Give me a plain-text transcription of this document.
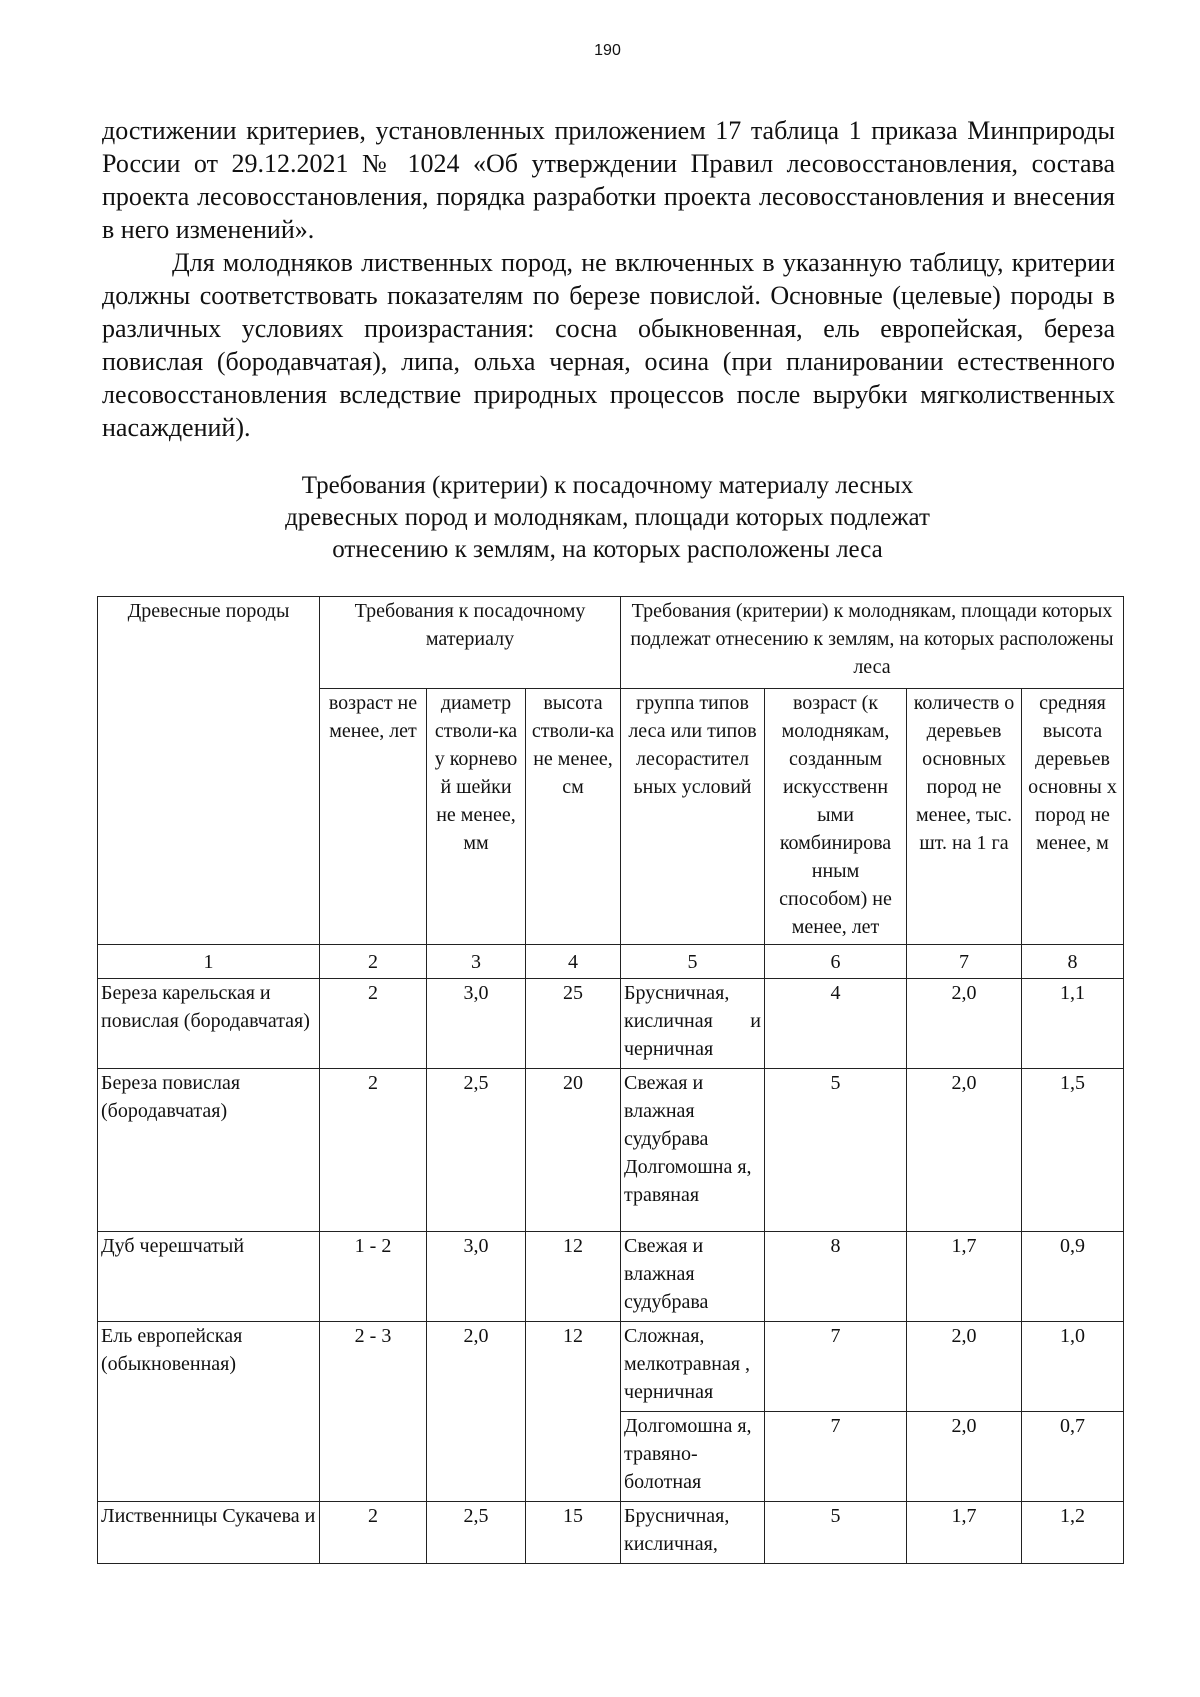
190

достижении критериев, установленных приложением 17 таблица 1 приказа Минприроды России от 29.12.2021 № 1024 «Об утверждении Правил лесовосстановления, состава проекта лесовосстановления, порядка разработки проекта лесовосстановления и внесения в него изменений».

Для молодняков лиственных пород, не включенных в указанную таблицу, критерии должны соответствовать показателям по березе повислой. Основные (целевые) породы в различных условиях произрастания: сосна обыкновенная, ель европейская, береза повислая (бородавчатая), липа, ольха черная, осина (при планировании естественного лесовосстановления вследствие природных процессов после вырубки мягколиственных насаждений).

Требования (критерии) к посадочному материалу лесных
древесных пород и молоднякам, площади которых подлежат
отнесению к землям, на которых расположены леса
Древесные породы	Требования к посадочному материалу			Требования (критерии) к молоднякам, площади которых подлежат отнесению к землям, на которых расположены леса			
	возраст не менее, лет	диаметр стволи-ка у корнево й шейки не менее, мм	высота стволи-ка не менее, см	группа типов леса или типов лесорастител ьных условий	возраст (к молоднякам, созданным искусственн ыми комбинирова нным способом) не менее, лет	количеств о деревьев основных пород не менее, тыс. шт. на 1 га	средняя высота деревьев основны х пород не менее, м
1	2	3	4	5	6	7	8
Береза карельская и повислая (бородавчатая)	2	3,0	25	Брусничная, кисличная и черничная	4	2,0	1,1
Береза повислая (бородавчатая)	2	2,5	20	Свежая и влажная судубрава Долгомошна я, травяная	5	2,0	1,5
Дуб черешчатый	1 - 2	3,0	12	Свежая и влажная судубрава	8	1,7	0,9
Ель европейская (обыкновенная)	2 - 3	2,0	12	Сложная, мелкотравная , черничная	7	2,0	1,0
				Долгомошна я, травяно-болотная	7	2,0	0,7
Лиственницы Сукачева и	2	2,5	15	Брусничная, кисличная,	5	1,7	1,2
